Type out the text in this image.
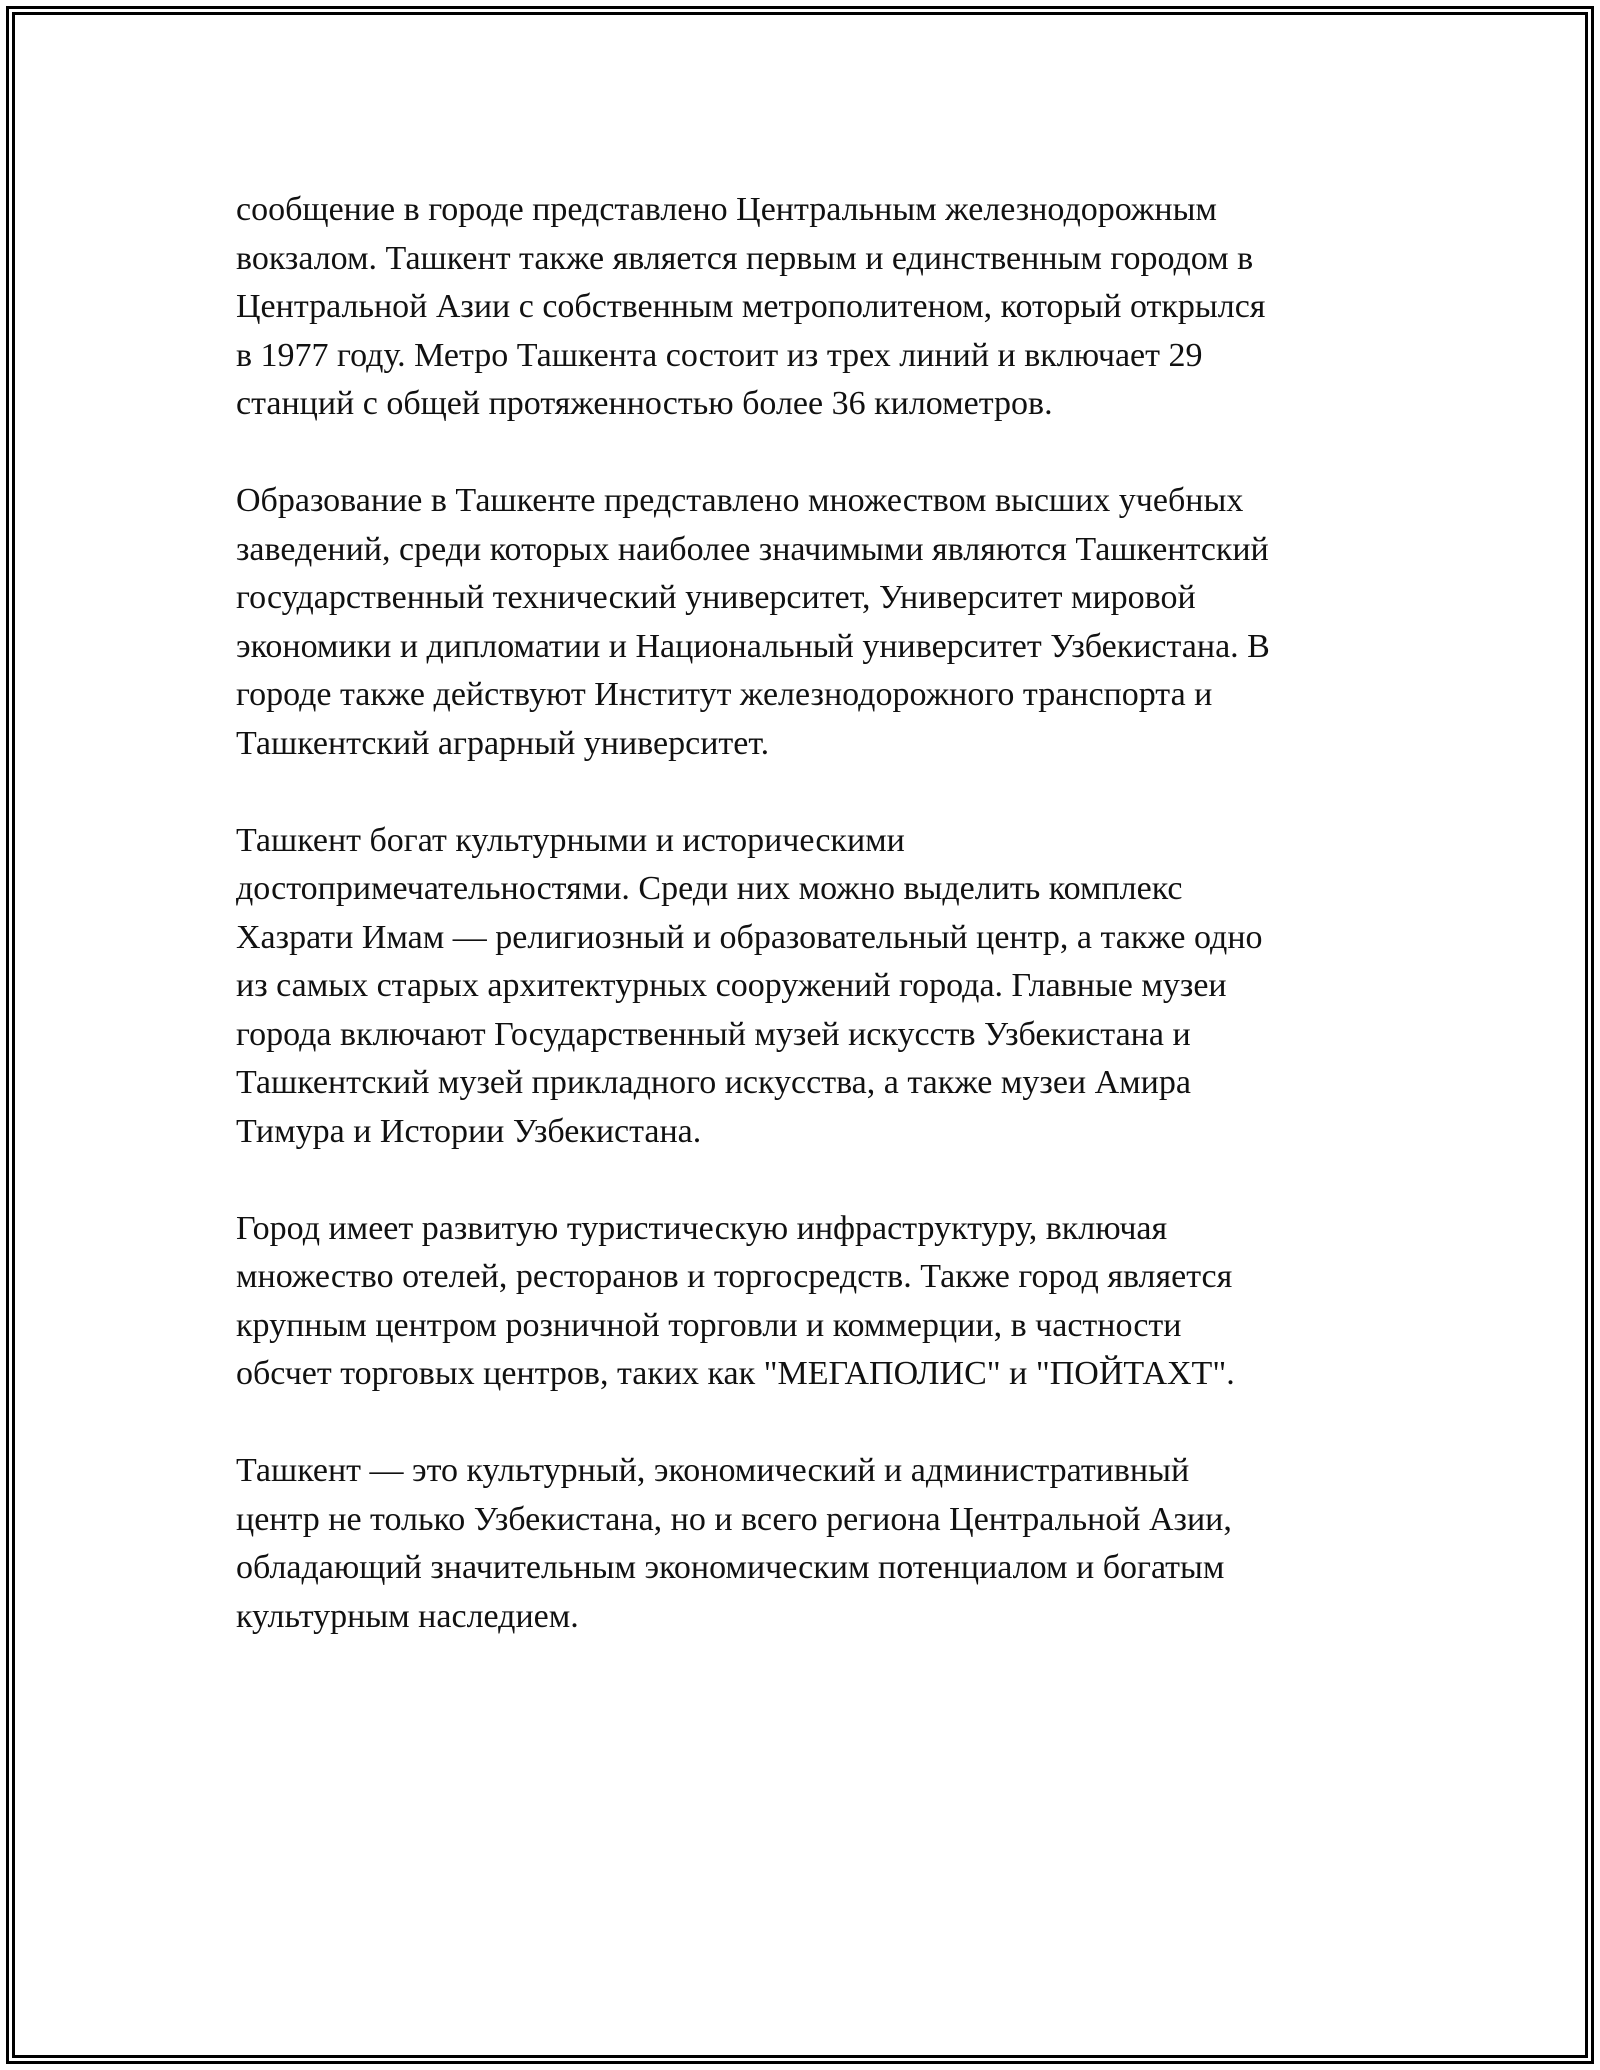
сообщение в городе представлено Центральным железнодорожным
вокзалом. Ташкент также является первым и единственным городом в
Центральной Азии с собственным метрополитеном, который открылся
в 1977 году. Метро Ташкента состоит из трех линий и включает 29
станций с общей протяженностью более 36 километров.

Образование в Ташкенте представлено множеством высших учебных
заведений, среди которых наиболее значимыми являются Ташкентский
государственный технический университет, Университет мировой
экономики и дипломатии и Национальный университет Узбекистана. В
городе также действуют Институт железнодорожного транспорта и
Ташкентский аграрный университет.

Ташкент богат культурными и историческими
достопримечательностями. Среди них можно выделить комплекс
Хазрати Имам — религиозный и образовательный центр, а также одно
из самых старых архитектурных сооружений города. Главные музеи
города включают Государственный музей искусств Узбекистана и
Ташкентский музей прикладного искусства, а также музеи Амира
Тимура и Истории Узбекистана.

Город имеет развитую туристическую инфраструктуру, включая
множество отелей, ресторанов и торгосредств. Также город является
крупным центром розничной торговли и коммерции, в частности
обсчет торговых центров, таких как "МЕГАПОЛИС" и "ПОЙТАХТ".

Ташкент — это культурный, экономический и административный
центр не только Узбекистана, но и всего региона Центральной Азии,
обладающий значительным экономическим потенциалом и богатым
культурным наследием.
